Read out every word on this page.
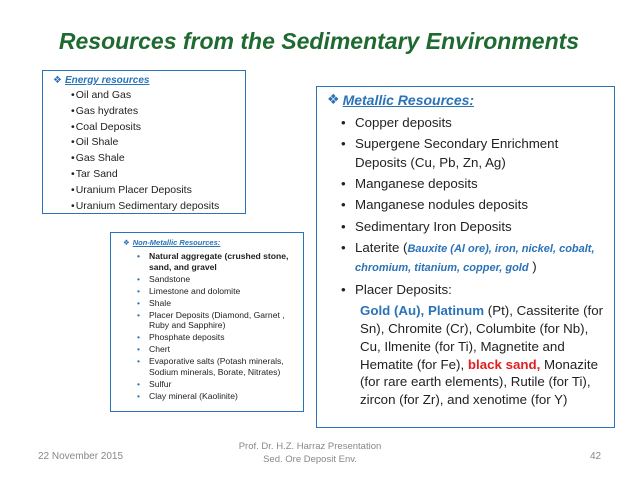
Resources from the Sedimentary Environments
❖ Energy resources
• Oil and Gas
• Gas hydrates
• Coal Deposits
• Oil Shale
• Gas Shale
• Tar Sand
• Uranium Placer Deposits
• Uranium Sedimentary deposits
❖ Metallic Resources:
• Copper deposits
• Supergene Secondary Enrichment Deposits (Cu, Pb, Zn, Ag)
• Manganese deposits
• Manganese nodules deposits
• Sedimentary Iron Deposits
• Laterite (Bauxite (Al ore), iron, nickel, cobalt, chromium, titanium, copper, gold )
• Placer Deposits:
Gold (Au), Platinum (Pt), Cassiterite (for Sn), Chromite (Cr), Columbite (for Nb), Cu, Ilmenite (for Ti), Magnetite and Hematite (for Fe), black sand, Monazite (for rare earth elements), Rutile (for Ti), zircon (for Zr), and xenotime (for Y)
❖ Non-Metallic Resources:
• Natural aggregate (crushed stone, sand, and gravel
• Sandstone
• Limestone and dolomite
• Shale
• Placer Deposits (Diamond, Garnet , Ruby and Sapphire)
• Phosphate deposits
• Chert
• Evaporative salts (Potash minerals, Sodium minerals, Borate, Nitrates)
• Sulfur
• Clay mineral (Kaolinite)
22 November 2015
Prof. Dr. H.Z. Harraz Presentation
Sed. Ore Deposit Env.	42
